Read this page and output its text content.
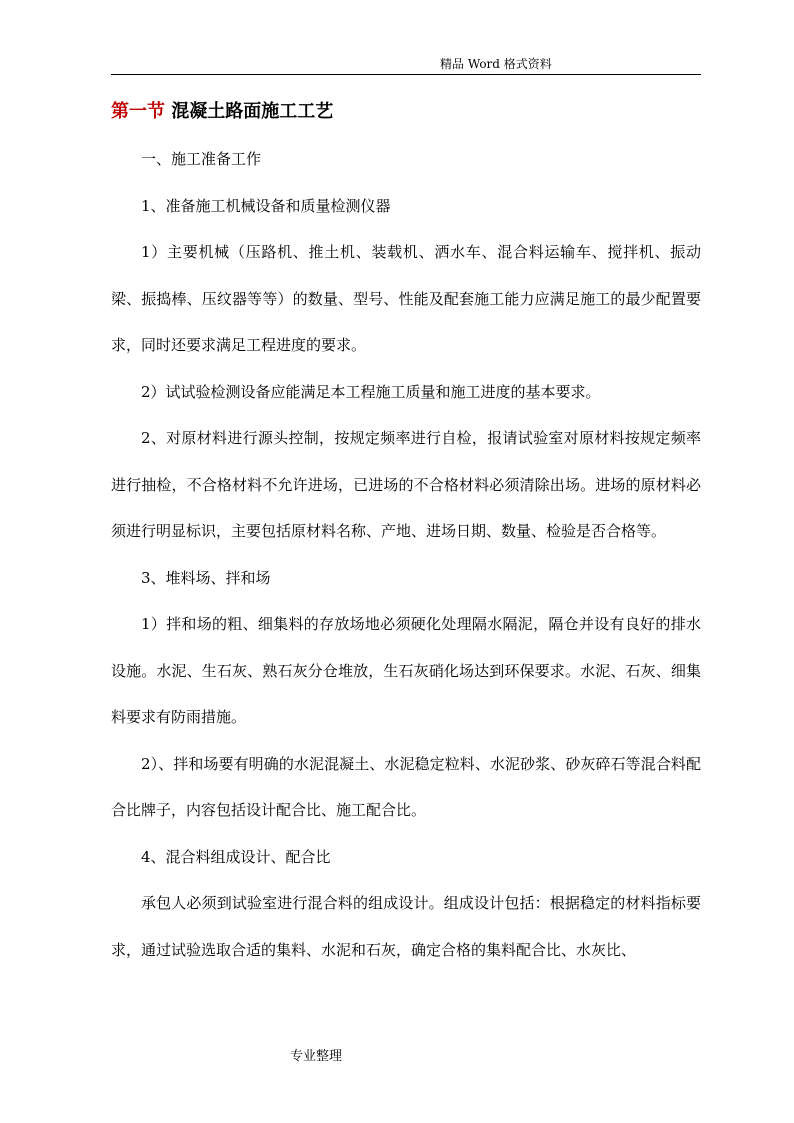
精品 Word 格式资料
第一节 混凝土路面施工工艺

一、施工准备工作

1、准备施工机械设备和质量检测仪器

1）主要机械（压路机、推土机、装载机、洒水车、混合料运输车、搅拌机、振动梁、振捣棒、压纹器等等）的数量、型号、性能及配套施工能力应满足施工的最少配置要求，同时还要求满足工程进度的要求。

2）试试验检测设备应能满足本工程施工质量和施工进度的基本要求。

2、对原材料进行源头控制，按规定频率进行自检，报请试验室对原材料按规定频率进行抽检，不合格材料不允许进场，已进场的不合格材料必须清除出场。进场的原材料必须进行明显标识，主要包括原材料名称、产地、进场日期、数量、检验是否合格等。

3、堆料场、拌和场

1）拌和场的粗、细集料的存放场地必须硬化处理隔水隔泥，隔仓并设有良好的排水设施。水泥、生石灰、熟石灰分仓堆放，生石灰硝化场达到环保要求。水泥、石灰、细集料要求有防雨措施。

2）、拌和场要有明确的水泥混凝土、水泥稳定粒料、水泥砂浆、砂灰碎石等混合料配合比牌子，内容包括设计配合比、施工配合比。

4、混合料组成设计、配合比

承包人必须到试验室进行混合料的组成设计。组成设计包括：根据稳定的材料指标要求，通过试验选取合适的集料、水泥和石灰，确定合格的集料配合比、水灰比、

专业整理
